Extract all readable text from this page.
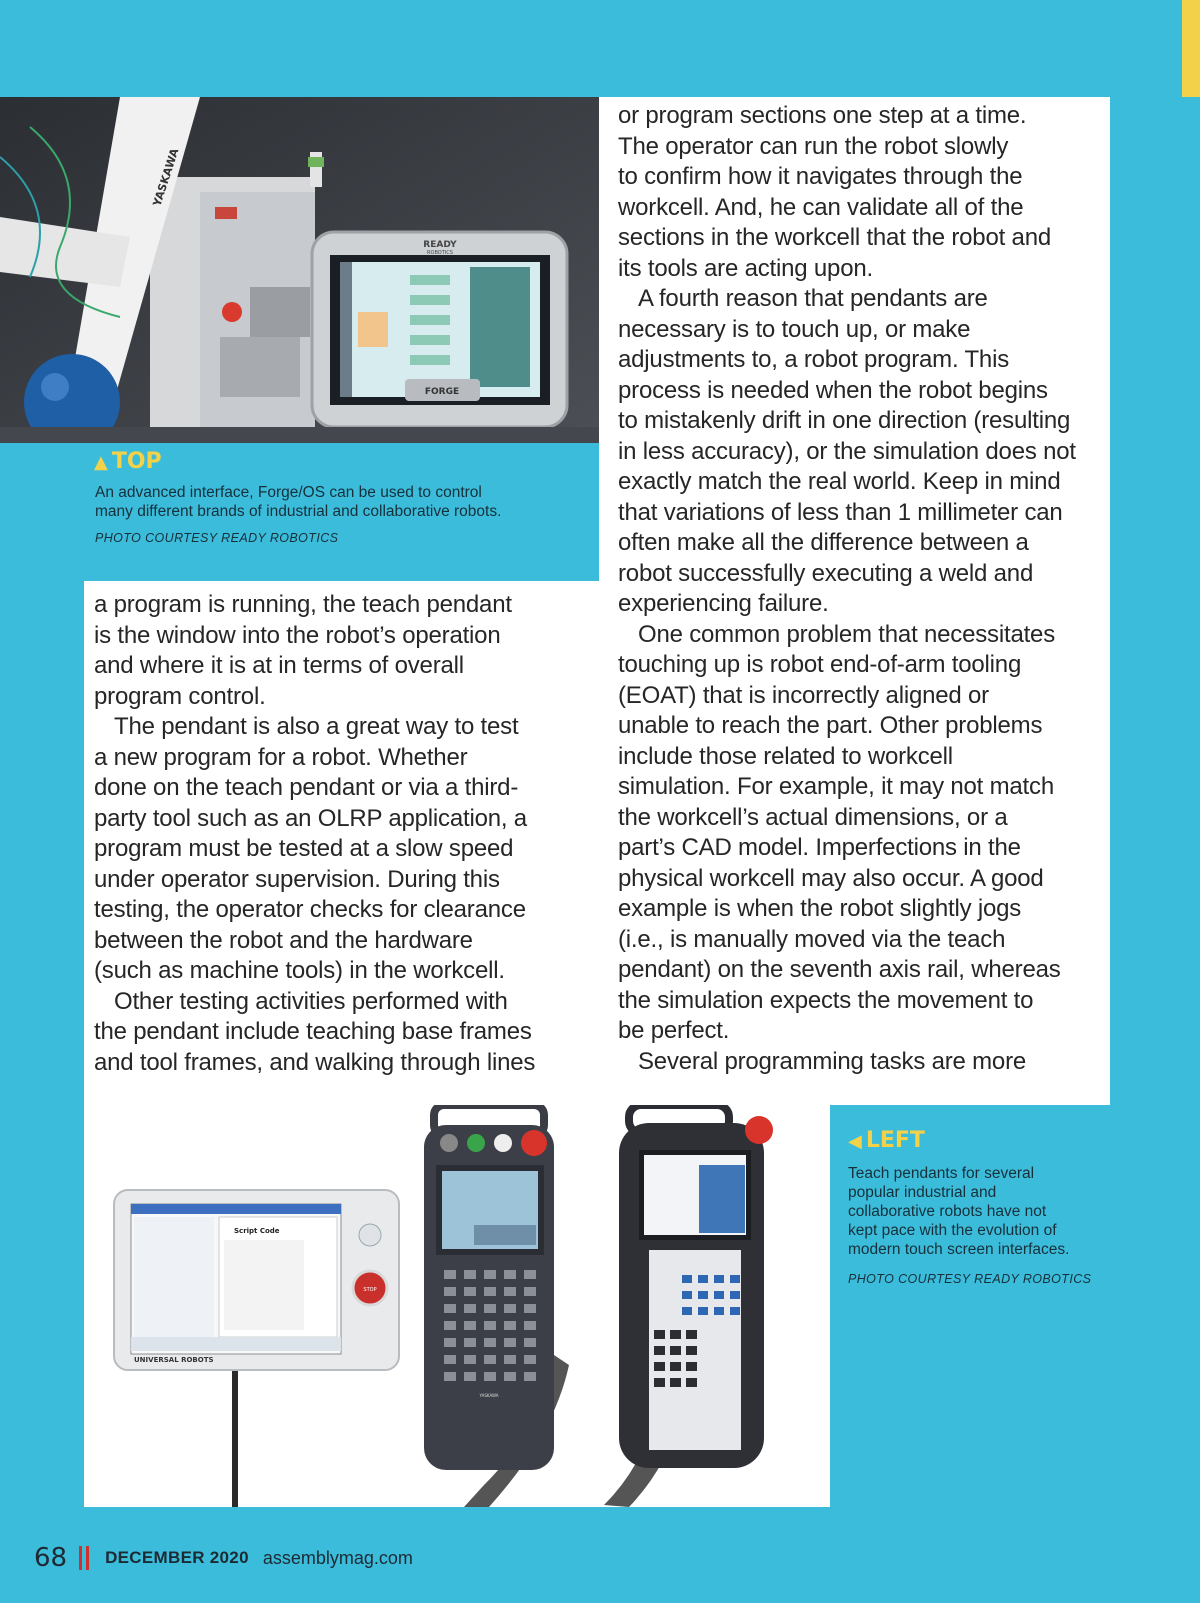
YASKAWA
READY
ROBOTICS
FORGE
▲ TOP
An advanced interface, Forge/OS can be used to control
many different brands of industrial and collaborative robots.
PHOTO COURTESY READY ROBOTICS

a program is running, the teach pendant
is the window into the robot’s operation
and where it is at in terms of overall
program control.

The pendant is also a great way to test
a new program for a robot. Whether
done on the teach pendant or via a third-
party tool such as an OLRP application, a
program must be tested at a slow speed
under operator supervision. During this
testing, the operator checks for clearance
between the robot and the hardware
(such as machine tools) in the workcell.

Other testing activities performed with
the pendant include teaching base frames
and tool frames, and walking through lines

or program sections one step at a time.
The operator can run the robot slowly
to confirm how it navigates through the
workcell. And, he can validate all of the
sections in the workcell that the robot and
its tools are acting upon.

A fourth reason that pendants are
necessary is to touch up, or make
adjustments to, a robot program. This
process is needed when the robot begins
to mistakenly drift in one direction (resulting
in less accuracy), or the simulation does not
exactly match the real world. Keep in mind
that variations of less than 1 millimeter can
often make all the difference between a
robot successfully executing a weld and
experiencing failure.

One common problem that necessitates
touching up is robot end-of-arm tooling
(EOAT) that is incorrectly aligned or
unable to reach the part. Other problems
include those related to workcell
simulation. For example, it may not match
the workcell’s actual dimensions, or a
part’s CAD model. Imperfections in the
physical workcell may also occur. A good
example is when the robot slightly jogs
(i.e., is manually moved via the teach
pendant) on the seventh axis rail, whereas
the simulation expects the movement to
be perfect.

Several programming tasks are more

Script Code
STOP
UNIVERSAL ROBOTS
YASKAWA
◀ LEFT
Teach pendants for several
popular industrial and
collaborative robots have not
kept pace with the evolution of
modern touch screen interfaces.
PHOTO COURTESY READY ROBOTICS
68 DECEMBER 2020 assemblymag.com
